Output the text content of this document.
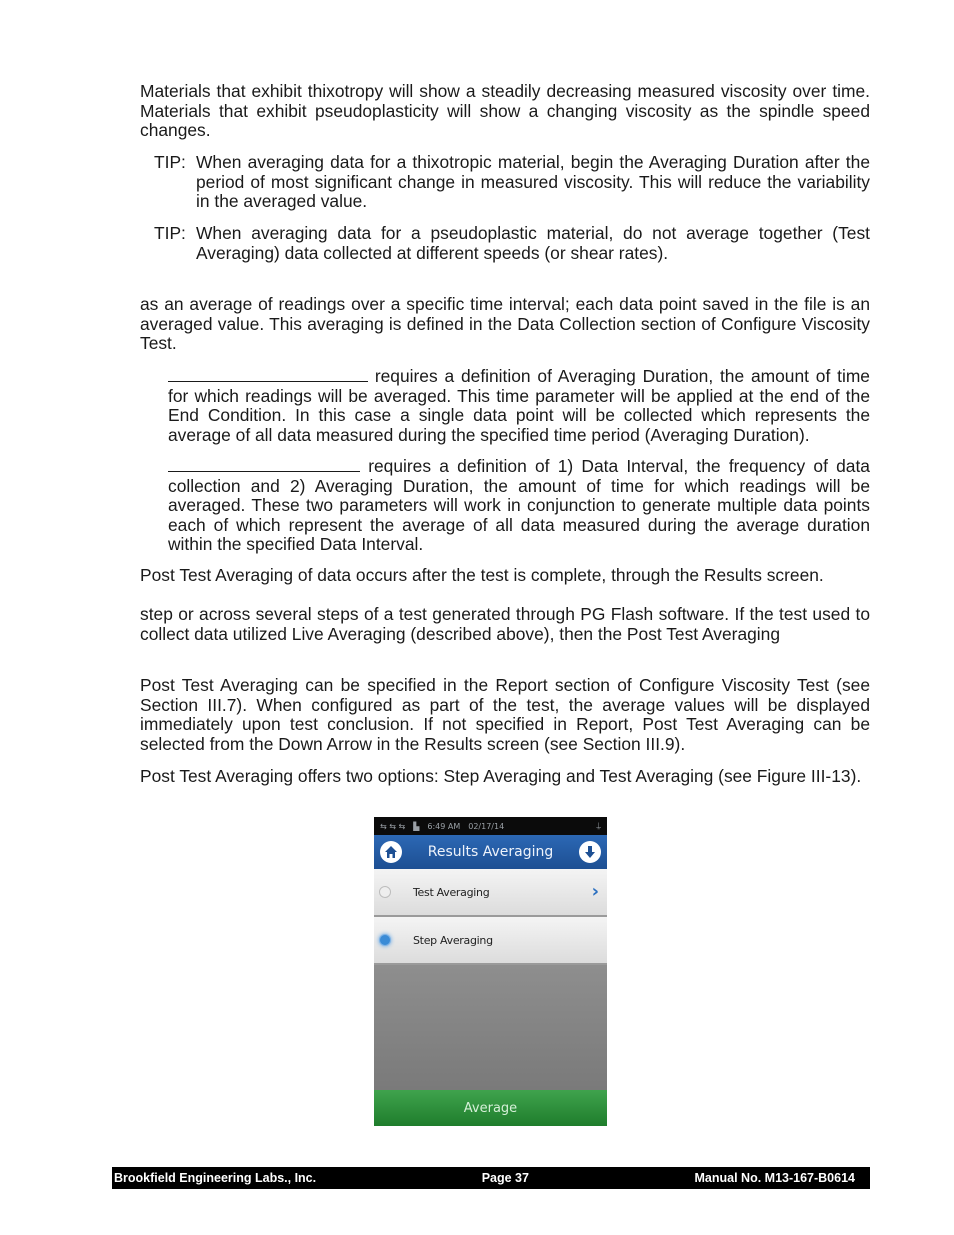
Materials that exhibit thixotropy will show a steadily decreasing measured viscosity over time. Materials that exhibit pseudoplasticity will show a changing viscosity as the spindle speed changes.

TIP: When averaging data for a thixotropic material, begin the Averaging Duration after the period of most significant change in measured viscosity. This will reduce the variability in the averaged value.
TIP: When averaging data for a pseudoplastic material, do not average together (Test Averaging) data collected at different speeds (or shear rates).

as an average of readings over a specific time interval; each data point saved in the file is an averaged value. This averaging is defined in the Data Collection section of Configure Viscosity Test.

requires a definition of Averaging Duration, the amount of time for which readings will be averaged. This time parameter will be applied at the end of the End Condition. In this case a single data point will be collected which represents the average of all data measured during the specified time period (Averaging Duration).

requires a definition of 1) Data Interval, the frequency of data collection and 2) Averaging Duration, the amount of time for which readings will be averaged. These two parameters will work in conjunction to generate multiple data points each of which represent the average of all data measured during the average duration within the specified Data Interval.

Post Test Averaging of data occurs after the test is complete, through the Results screen.

step or across several steps of a test generated through PG Flash software. If the test used to collect data utilized Live Averaging (described above), then the Post Test Averaging

Post Test Averaging can be specified in the Report section of Configure Viscosity Test (see Section III.7). When configured as part of the test, the average values will be displayed immediately upon test conclusion. If not specified in Report, Post Test Averaging can be selected from the Down Arrow in the Results screen (see Section III.9).

Post Test Averaging offers two options: Step Averaging and Test Averaging (see Figure III-13).

⇆ ⇆ ⇆ ▙ 6:49 AM 02/17/14	⍊
Results Averaging
Test Averaging	›
Step Averaging
Average
Brookfield Engineering Labs., Inc.	Page 37	Manual No. M13-167-B0614
